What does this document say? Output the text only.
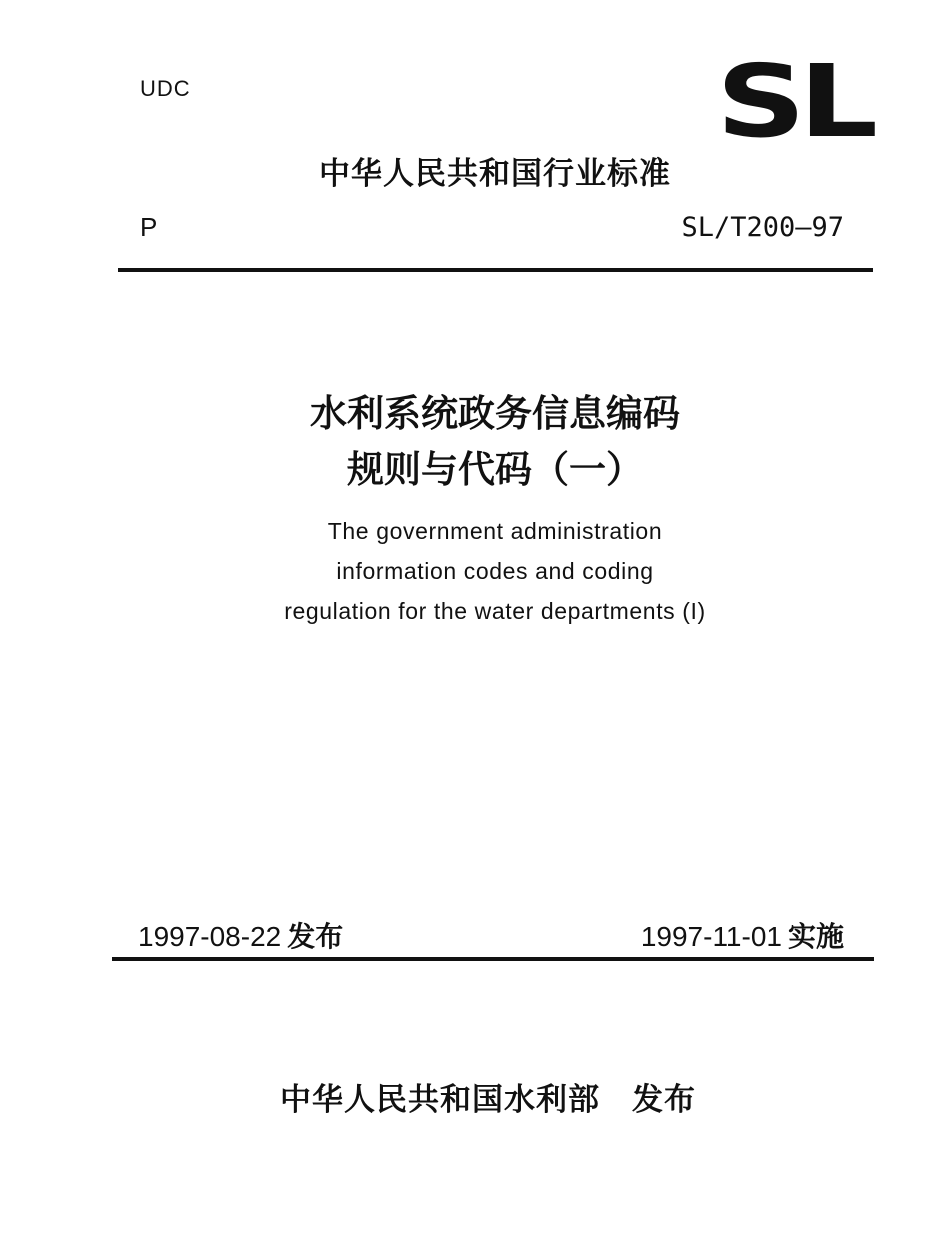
UDC	SL
中华人民共和国行业标准
P	SL/T200—97
水利系统政务信息编码
规则与代码（一）
The government administration
information codes and coding
regulation for the water departments (I)
1997-08-22 发布	1997-11-01 实施
中华人民共和国水利部 发布
